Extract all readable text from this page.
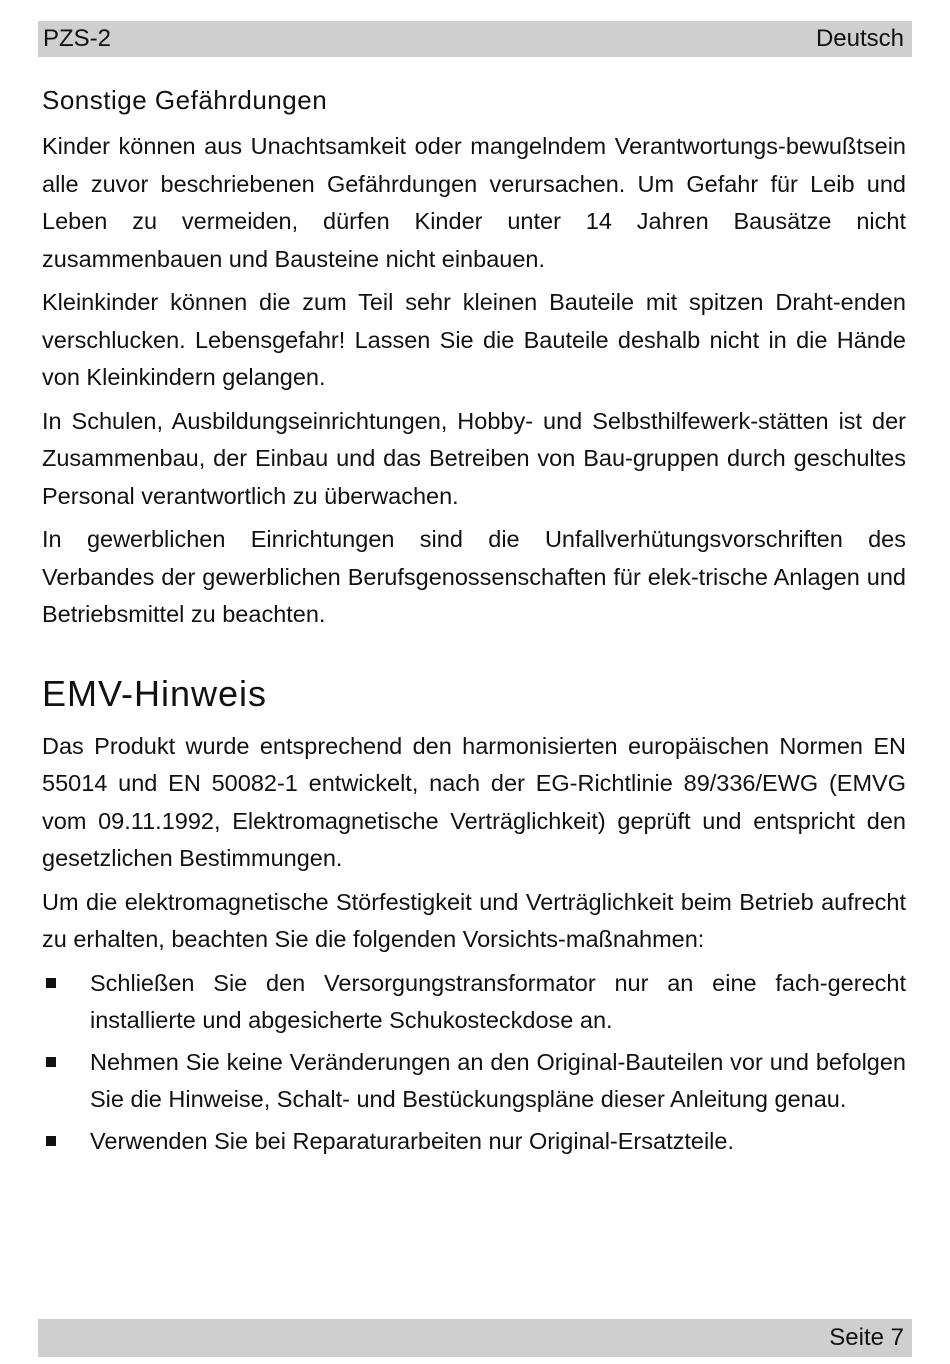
PZS-2	Deutsch
Sonstige Gefährdungen

Kinder können aus Unachtsamkeit oder mangelndem Verantwortungs-bewußtsein alle zuvor beschriebenen Gefährdungen verursachen. Um Gefahr für Leib und Leben zu vermeiden, dürfen Kinder unter 14 Jahren Bausätze nicht zusammenbauen und Bausteine nicht einbauen.

Kleinkinder können die zum Teil sehr kleinen Bauteile mit spitzen Draht-enden verschlucken. Lebensgefahr! Lassen Sie die Bauteile deshalb nicht in die Hände von Kleinkindern gelangen.

In Schulen, Ausbildungseinrichtungen, Hobby- und Selbsthilfewerk-stätten ist der Zusammenbau, der Einbau und das Betreiben von Bau-gruppen durch geschultes Personal verantwortlich zu überwachen.

In gewerblichen Einrichtungen sind die Unfallverhütungsvorschriften des Verbandes der gewerblichen Berufsgenossenschaften für elek-trische Anlagen und Betriebsmittel zu beachten.

EMV-Hinweis

Das Produkt wurde entsprechend den harmonisierten europäischen Normen EN 55014 und EN 50082-1 entwickelt, nach der EG-Richtlinie 89/336/EWG (EMVG vom 09.11.1992, Elektromagnetische Verträglichkeit) geprüft und entspricht den gesetzlichen Bestimmungen.

Um die elektromagnetische Störfestigkeit und Verträglichkeit beim Betrieb aufrecht zu erhalten, beachten Sie die folgenden Vorsichts-maßnahmen:

Schließen Sie den Versorgungstransformator nur an eine fach-gerecht installierte und abgesicherte Schukosteckdose an.
Nehmen Sie keine Veränderungen an den Original-Bauteilen vor und befolgen Sie die Hinweise, Schalt- und Bestückungspläne dieser Anleitung genau.
Verwenden Sie bei Reparaturarbeiten nur Original-Ersatzteile.
Seite 7
